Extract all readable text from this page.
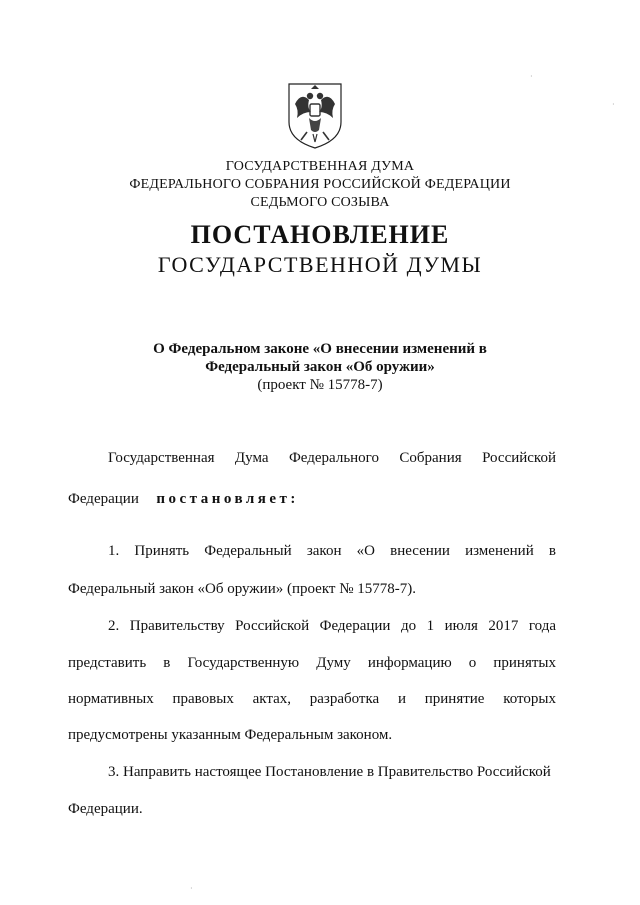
ГОСУДАРСТВЕННАЯ ДУМА
ФЕДЕРАЛЬНОГО СОБРАНИЯ РОССИЙСКОЙ ФЕДЕРАЦИИ
СЕДЬМОГО СОЗЫВА
ПОСТАНОВЛЕНИЕ
ГОСУДАРСТВЕННОЙ ДУМЫ
О Федеральном законе «О внесении изменений в
Федеральный закон «Об оружии»
(проект № 15778-7)
Государственная Дума Федерального Собрания Российской
Федерации постановляет:
1. Принять Федеральный закон «О внесении изменений в
Федеральный закон «Об оружии» (проект № 15778-7).
2. Правительству Российской Федерации до 1 июля 2017 года
представить в Государственную Думу информацию о принятых
нормативных правовых актах, разработка и принятие которых
предусмотрены указанным Федеральным законом.
3. Направить настоящее Постановление в Правительство Российской
Федерации.
·
·
·
